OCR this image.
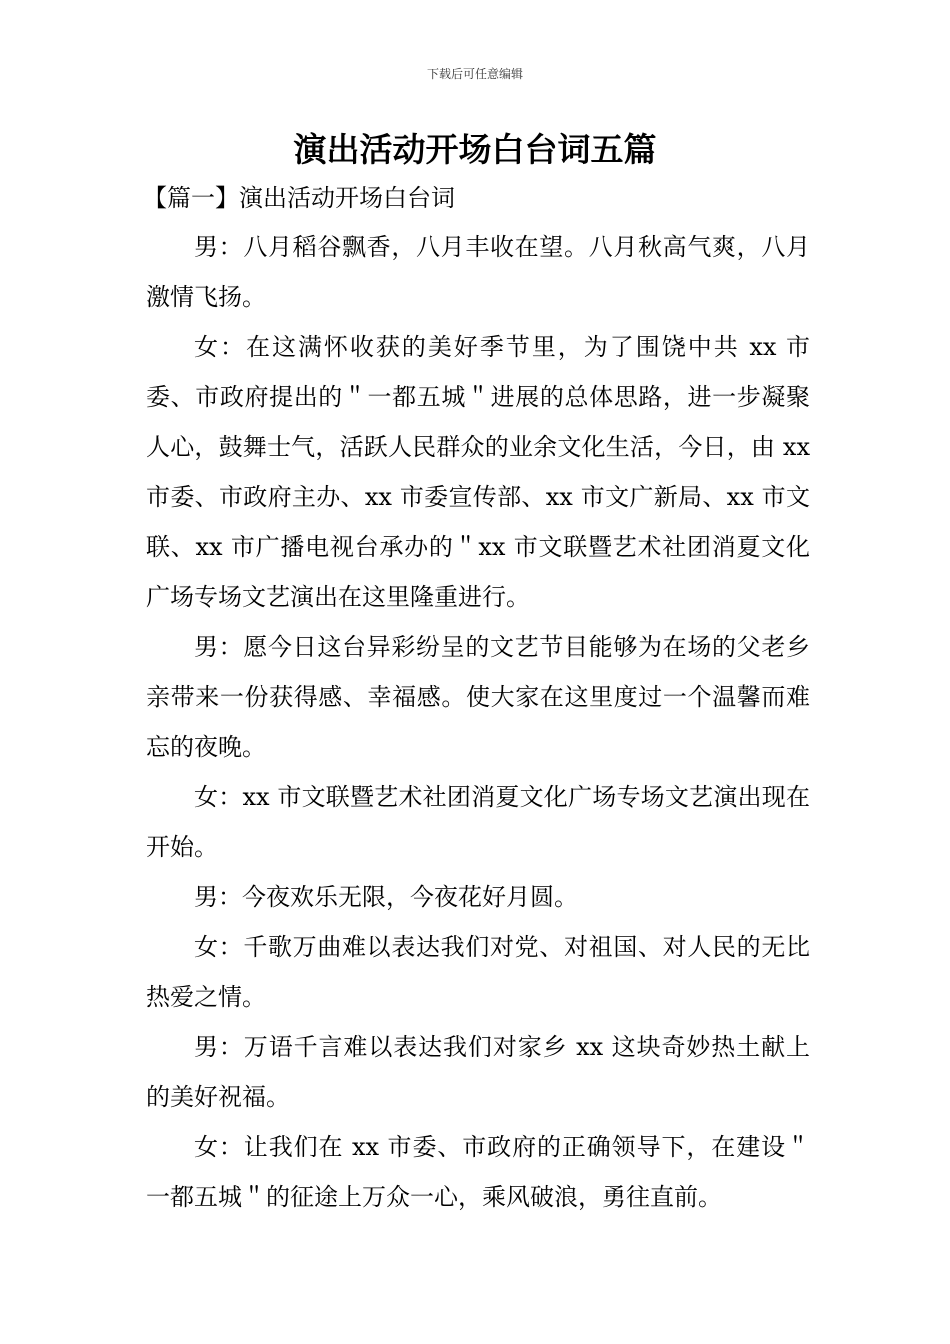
下载后可任意编辑
演出活动开场白台词五篇
【篇一】演出活动开场白台词

男：八月稻谷飘香，八月丰收在望。八月秋高气爽，八月激情飞扬。

女：在这满怀收获的美好季节里，为了围饶中共 xx 市委、市政府提出的＂一都五城＂进展的总体思路，进一步凝聚人心，鼓舞士气，活跃人民群众的业余文化生活，今日，由 xx 市委、市政府主办、xx 市委宣传部、xx 市文广新局、xx 市文联、xx 市广播电视台承办的＂xx 市文联暨艺术社团消夏文化广场专场文艺演出在这里隆重进行。

男：愿今日这台异彩纷呈的文艺节目能够为在场的父老乡亲带来一份获得感、幸福感。使大家在这里度过一个温馨而难忘的夜晚。

女：xx 市文联暨艺术社团消夏文化广场专场文艺演出现在开始。

男：今夜欢乐无限，今夜花好月圆。

女：千歌万曲难以表达我们对党、对祖国、对人民的无比热爱之情。

男：万语千言难以表达我们对家乡 xx 这块奇妙热土献上的美好祝福。

女：让我们在 xx 市委、市政府的正确领导下，在建设＂一都五城＂的征途上万众一心，乘风破浪，勇往直前。
